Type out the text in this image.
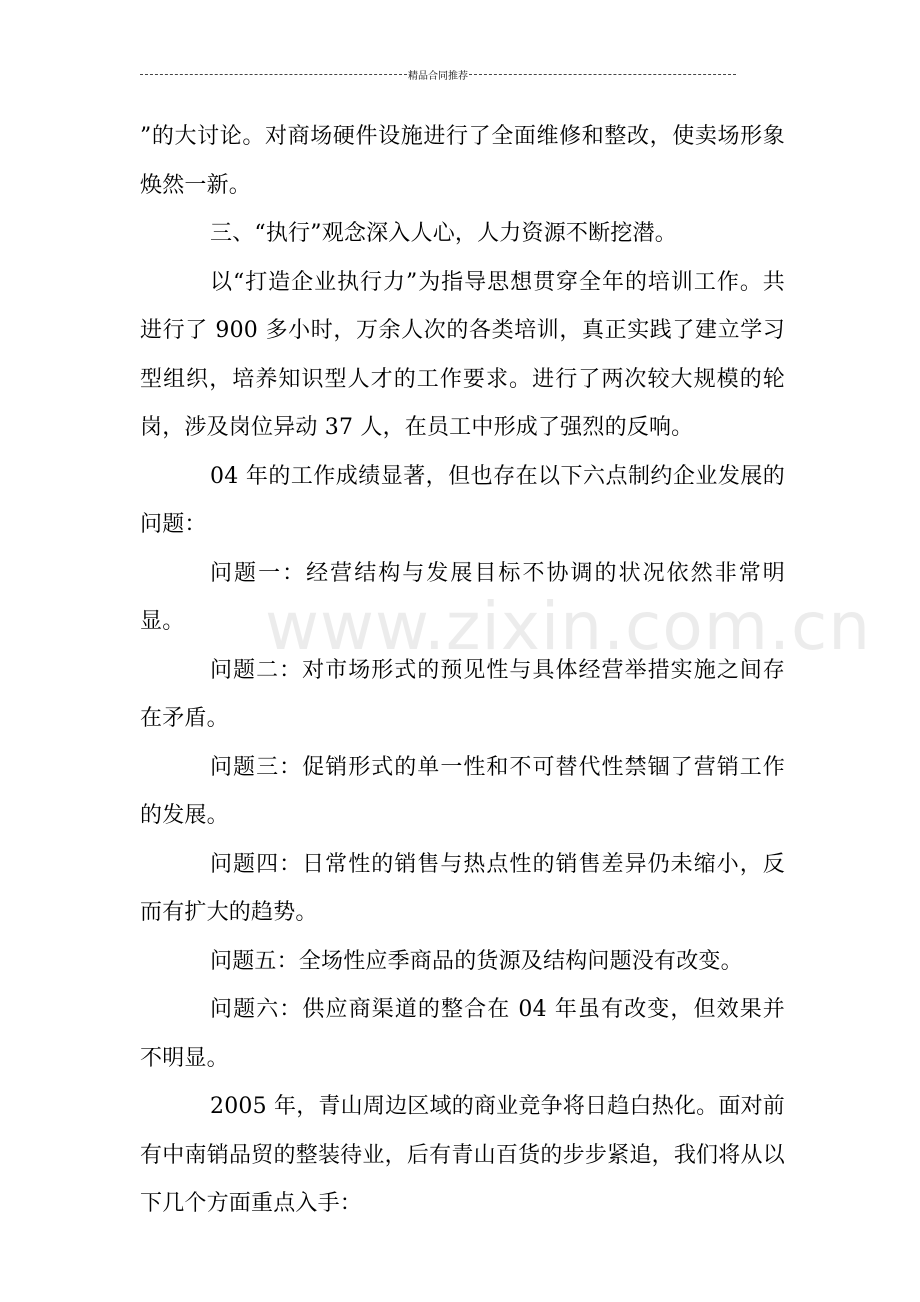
精品合同推荐
www.zixin.com.cn

”的大讨论。对商场硬件设施进行了全面维修和整改，使卖场形象焕然一新。

三、“执行”观念深入人心，人力资源不断挖潜。

以“打造企业执行力”为指导思想贯穿全年的培训工作。共进行了 900 多小时，万余人次的各类培训，真正实践了建立学习型组织，培养知识型人才的工作要求。进行了两次较大规模的轮岗，涉及岗位异动 37 人，在员工中形成了强烈的反响。

04 年的工作成绩显著，但也存在以下六点制约企业发展的问题：

问题一：经营结构与发展目标不协调的状况依然非常明显。

问题二：对市场形式的预见性与具体经营举措实施之间存在矛盾。

问题三：促销形式的单一性和不可替代性禁锢了营销工作的发展。

问题四：日常性的销售与热点性的销售差异仍未缩小，反而有扩大的趋势。

问题五：全场性应季商品的货源及结构问题没有改变。

问题六：供应商渠道的整合在 04 年虽有改变，但效果并不明显。

2005 年，青山周边区域的商业竞争将日趋白热化。面对前有中南销品贸的整装待业，后有青山百货的步步紧追，我们将从以下几个方面重点入手：
